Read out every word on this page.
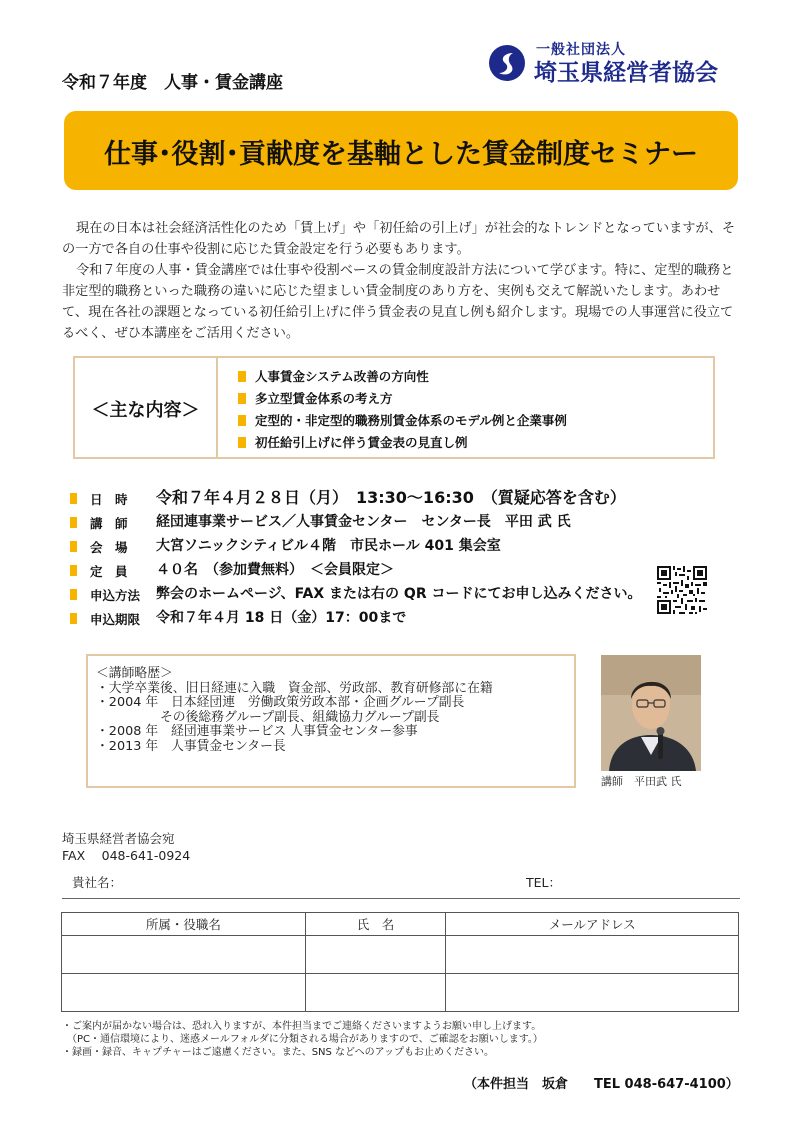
一般社団法人
埼玉県経営者協会
令和７年度　人事・賃金講座
仕事･役割･貢献度を基軸とした賃金制度セミナー

現在の日本は社会経済活性化のため「賃上げ」や「初任給の引上げ」が社会的なトレンドとなっていますが、その一方で各自の仕事や役割に応じた賃金設定を行う必要もあります。

令和７年度の人事・賃金講座では仕事や役割ベースの賃金制度設計方法について学びます。特に、定型的職務と非定型的職務といった職務の違いに応じた望ましい賃金制度のあり方を、実例も交えて解説いたします。あわせて、現在各社の課題となっている初任給引上げに伴う賃金表の見直し例も紹介します。現場での人事運営に役立てるべく、ぜひ本講座をご活用ください。

＜主な内容＞
人事賃金システム改善の方向性
多立型賃金体系の考え方
定型的・非定型的職務別賃金体系のモデル例と企業事例
初任給引上げに伴う賃金表の見直し例
日　時 令和７年４月２８日（月）　13:30～16:30　（質疑応答を含む）
講　師 経団連事業サービス／人事賃金センター　センター長　平田 武 氏
会　場 大宮ソニックシティビル４階　市民ホール 401 集会室
定　員 ４０名　（参加費無料）　＜会員限定＞
申込方法 弊会のホームページ、FAX または右の QR コードにてお申し込みください。
申込期限 令和７年４月 18 日（金）17：00まで
＜講師略歴＞
・大学卒業後、旧日経連に入職　資金部、労政部、教育研修部に在籍
・2004 年　日本経団連　労働政策労政本部・企画グループ副長
　　　　　その後総務グループ副長、組織協力グループ副長
・2008 年　経団連事業サービス 人事賃金センター参事
・2013 年　人事賃金センター長
講師　平田武 氏
埼玉県経営者協会宛
FAX　 048-641-0924
貴社名：	TEL：
所属・役職名	氏　名	メールアドレス

・ご案内が届かない場合は、恐れ入りますが、本件担当までご連絡くださいますようお願い申し上げます。
　（PC・通信環境により、迷惑メールフォルダに分類される場合がありますので、ご確認をお願いします。）
・録画・録音、キャプチャーはご遠慮ください。また、SNS などへのアップもお止めください。
（本件担当　坂倉　　TEL 048-647-4100）
